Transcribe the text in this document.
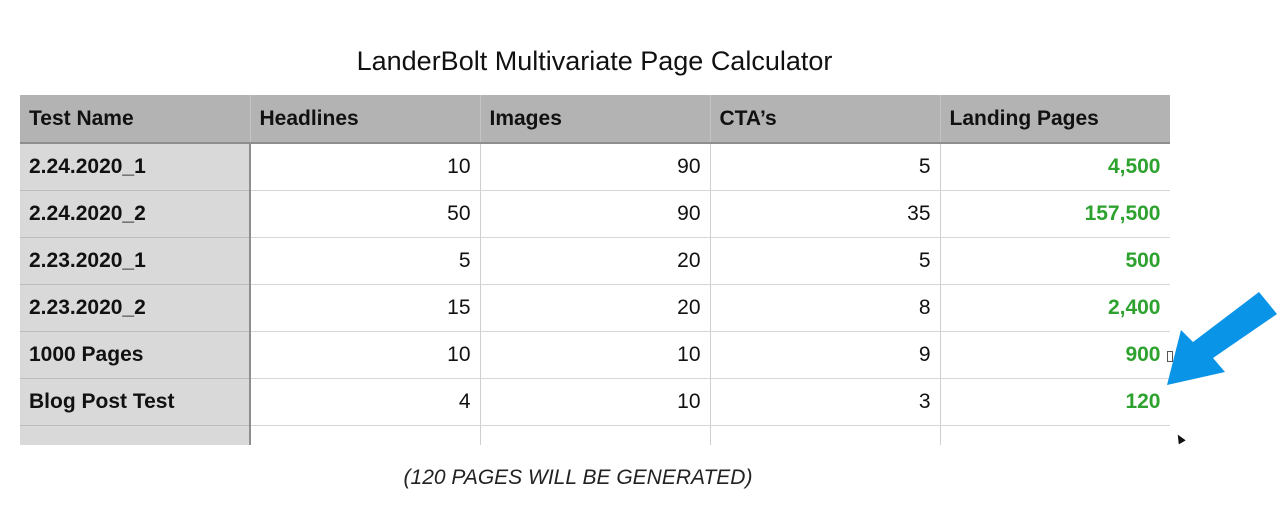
LanderBolt Multivariate Page Calculator
Test Name	Headlines	Images	CTA’s	Landing Pages
2.24.2020_1	10	90	5	4,500
2.24.2020_2	50	90	35	157,500
2.23.2020_1	5	20	5	500
2.23.2020_2	15	20	8	2,400
1000 Pages	10	10	9	900
Blog Post Test	4	10	3	120

(120 PAGES WILL BE GENERATED)
